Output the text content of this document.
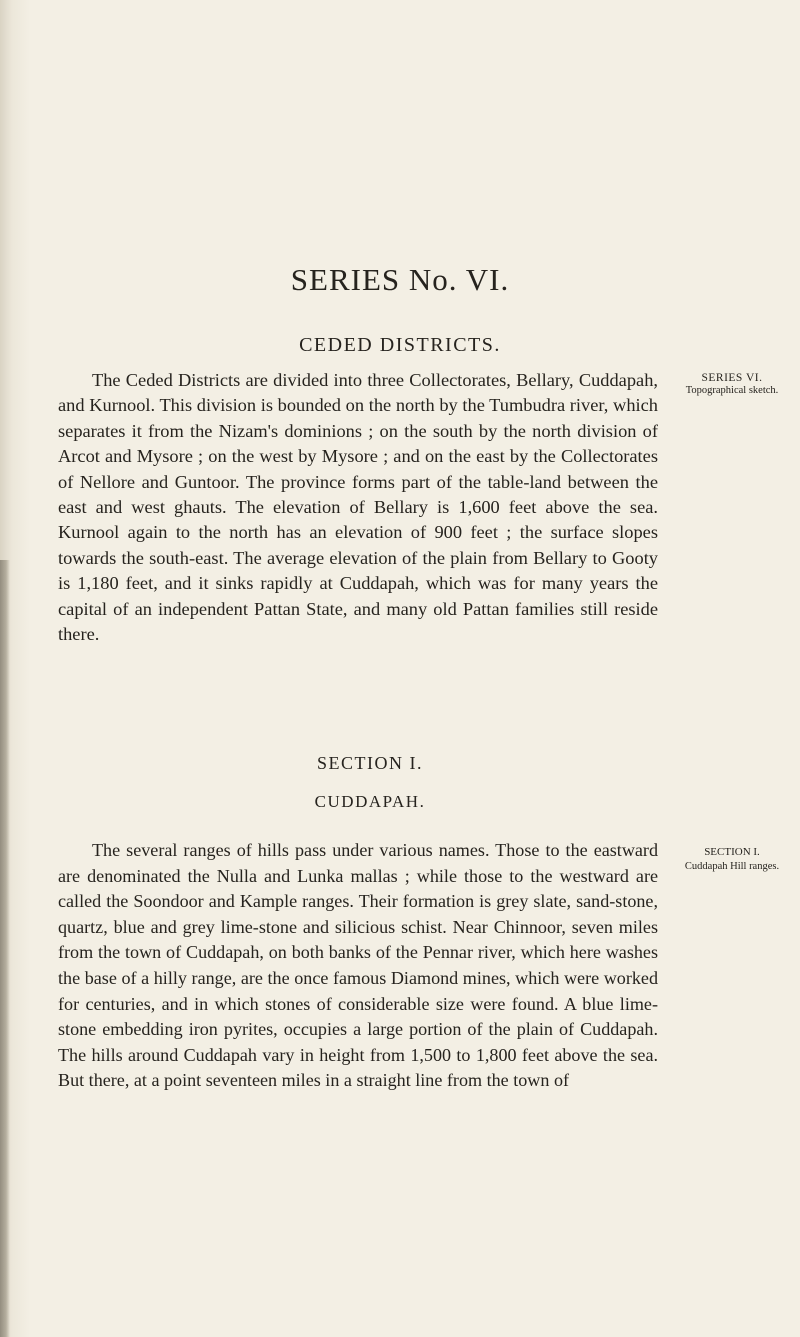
SERIES No. VI.
CEDED DISTRICTS.

The Ceded Districts are divided into three Collectorates, Bellary, Cuddapah, and Kurnool. This division is bounded on the north by the Tumbudra river, which separates it from the Nizam's dominions ; on the south by the north division of Arcot and Mysore ; on the west by Mysore ; and on the east by the Collectorates of Nellore and Guntoor. The province forms part of the table-land between the east and west ghauts. The elevation of Bellary is 1,600 feet above the sea. Kurnool again to the north has an elevation of 900 feet ; the surface slopes towards the south-east. The average elevation of the plain from Bellary to Gooty is 1,180 feet, and it sinks rapidly at Cuddapah, which was for many years the capital of an independent Pattan State, and many old Pattan families still reside there.

SERIES VI.
Topographical sketch.
SECTION I.
CUDDAPAH.

The several ranges of hills pass under various names. Those to the eastward are denominated the Nulla and Lunka mallas ; while those to the westward are called the Soondoor and Kample ranges. Their formation is grey slate, sand-stone, quartz, blue and grey lime-stone and silicious schist. Near Chinnoor, seven miles from the town of Cuddapah, on both banks of the Pennar river, which here washes the base of a hilly range, are the once famous Diamond mines, which were worked for centuries, and in which stones of considerable size were found. A blue lime-stone embedding iron pyrites, occupies a large portion of the plain of Cuddapah. The hills around Cuddapah vary in height from 1,500 to 1,800 feet above the sea. But there, at a point seventeen miles in a straight line from the town of

SECTION I.
Cuddapah Hill ranges.
